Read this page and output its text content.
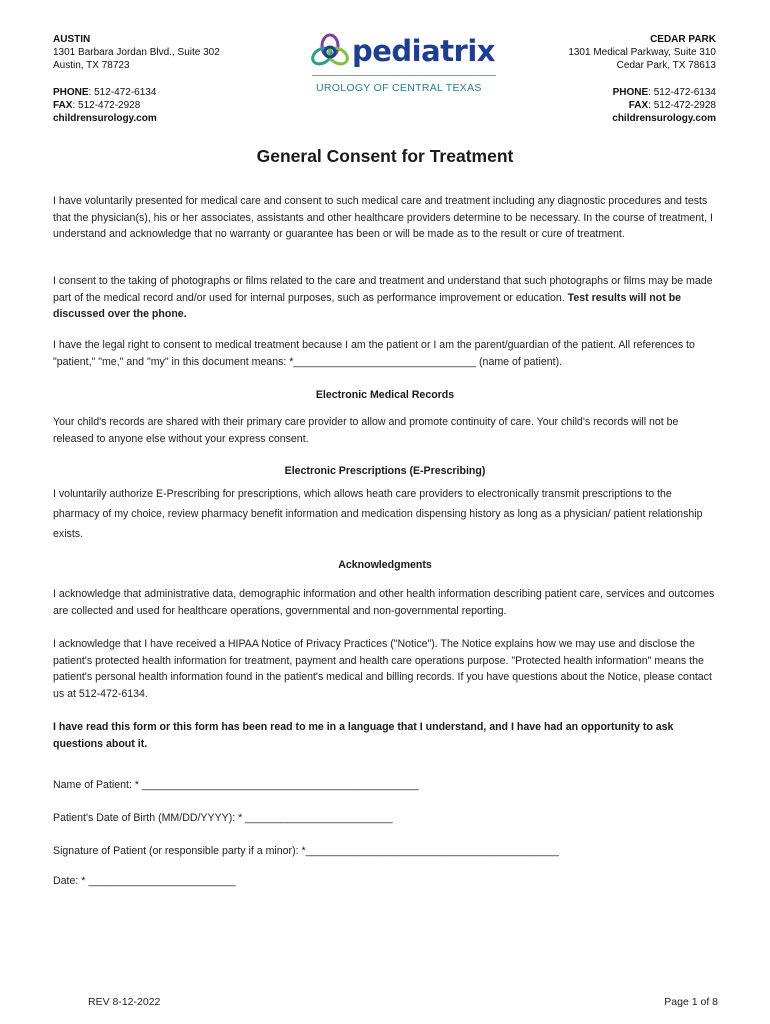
AUSTIN
1301 Barbara Jordan Blvd., Suite 302
Austin, TX 78723
PHONE: 512-472-6134
FAX: 512-472-2928
childrensurology.com
pediatrix
UROLOGY OF CENTRAL TEXAS
CEDAR PARK
1301 Medical Parkway, Suite 310
Cedar Park, TX 78613
PHONE: 512-472-6134
FAX: 512-472-2928
childrensurology.com
General Consent for Treatment

I have voluntarily presented for medical care and consent to such medical care and treatment including any diagnostic procedures and tests that the physician(s), his or her associates, assistants and other healthcare providers determine to be necessary. In the course of treatment, I understand and acknowledge that no warranty or guarantee has been or will be made as to the result or cure of treatment.

I consent to the taking of photographs or films related to the care and treatment and understand that such photographs or films may be made part of the medical record and/or used for internal purposes, such as performance improvement or education. Test results will not be discussed over the phone.

I have the legal right to consent to medical treatment because I am the patient or I am the parent/guardian of the patient. All references to "patient," "me," and "my" in this document means: *_______________________________ (name of patient).

Electronic Medical Records

Your child's records are shared with their primary care provider to allow and promote continuity of care. Your child's records will not be released to anyone else without your express consent.

Electronic Prescriptions (E-Prescribing)

I voluntarily authorize E-Prescribing for prescriptions, which allows heath care providers to electronically transmit prescriptions to the pharmacy of my choice, review pharmacy benefit information and medication dispensing history as long as a physician/ patient relationship exists.

Acknowledgments

I acknowledge that administrative data, demographic information and other health information describing patient care, services and outcomes are collected and used for healthcare operations, governmental and non-governmental reporting.

I acknowledge that I have received a HIPAA Notice of Privacy Practices ("Notice"). The Notice explains how we may use and disclose the patient's protected health information for treatment, payment and health care operations purpose. "Protected health information" means the patient's personal health information found in the patient's medical and billing records. If you have questions about the Notice, please contact us at 512-472-6134.

I have read this form or this form has been read to me in a language that I understand, and I have had an opportunity to ask questions about it.

Name of Patient: * _______________________________________________
Patient's Date of Birth (MM/DD/YYYY): * _________________________
Signature of Patient (or responsible party if a minor): *___________________________________________
Date: * _________________________
REV 8-12-2022	Page 1 of 8
